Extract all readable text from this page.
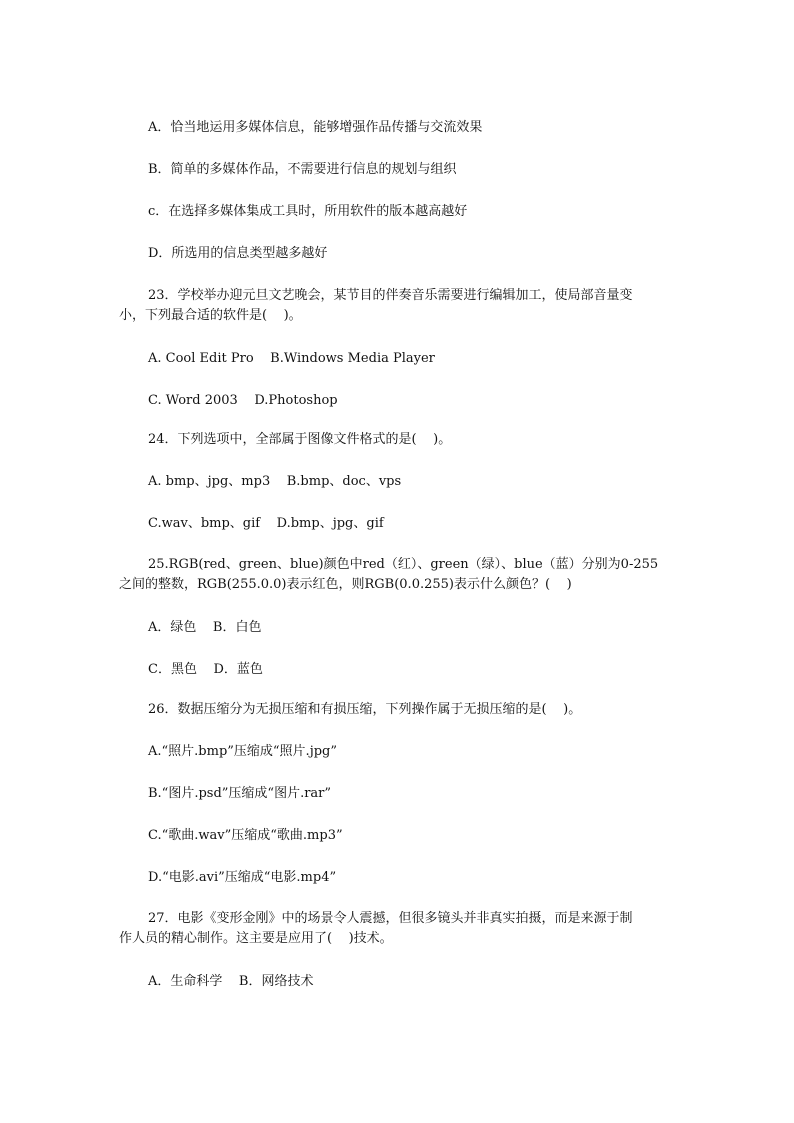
A．恰当地运用多媒体信息，能够增强作品传播与交流效果
B．简单的多媒体作品，不需要进行信息的规划与组织
c．在选择多媒体集成工具时，所用软件的版本越高越好
D．所选用的信息类型越多越好
23．学校举办迎元旦文艺晚会，某节目的伴奏音乐需要进行编辑加工，使局部音量变
小，下列最合适的软件是(    )。
A. Cool Edit Pro    B.Windows Media Player
C. Word 2003    D.Photoshop
24．下列选项中，全部属于图像文件格式的是(    )。
A. bmp、jpg、mp3    B.bmp、doc、vps
C.wav、bmp、gif    D.bmp、jpg、gif
25.RGB(red、green、blue)颜色中red（红）、green（绿）、blue（蓝）分别为0-255
之间的整数，RGB(255.0.0)表示红色，则RGB(0.0.255)表示什么颜色？(    )
A．绿色    B．白色
C．黑色    D．蓝色
26．数据压缩分为无损压缩和有损压缩，下列操作属于无损压缩的是(    )。
A.“照片.bmp”压缩成“照片.jpg”
B.“图片.psd”压缩成“图片.rar”
C.“歌曲.wav”压缩成“歌曲.mp3”
D.“电影.avi”压缩成“电影.mp4”
27．电影《变形金刚》中的场景令人震撼，但很多镜头并非真实拍摄，而是来源于制
作人员的精心制作。这主要是应用了(    )技术。
A．生命科学    B．网络技术
